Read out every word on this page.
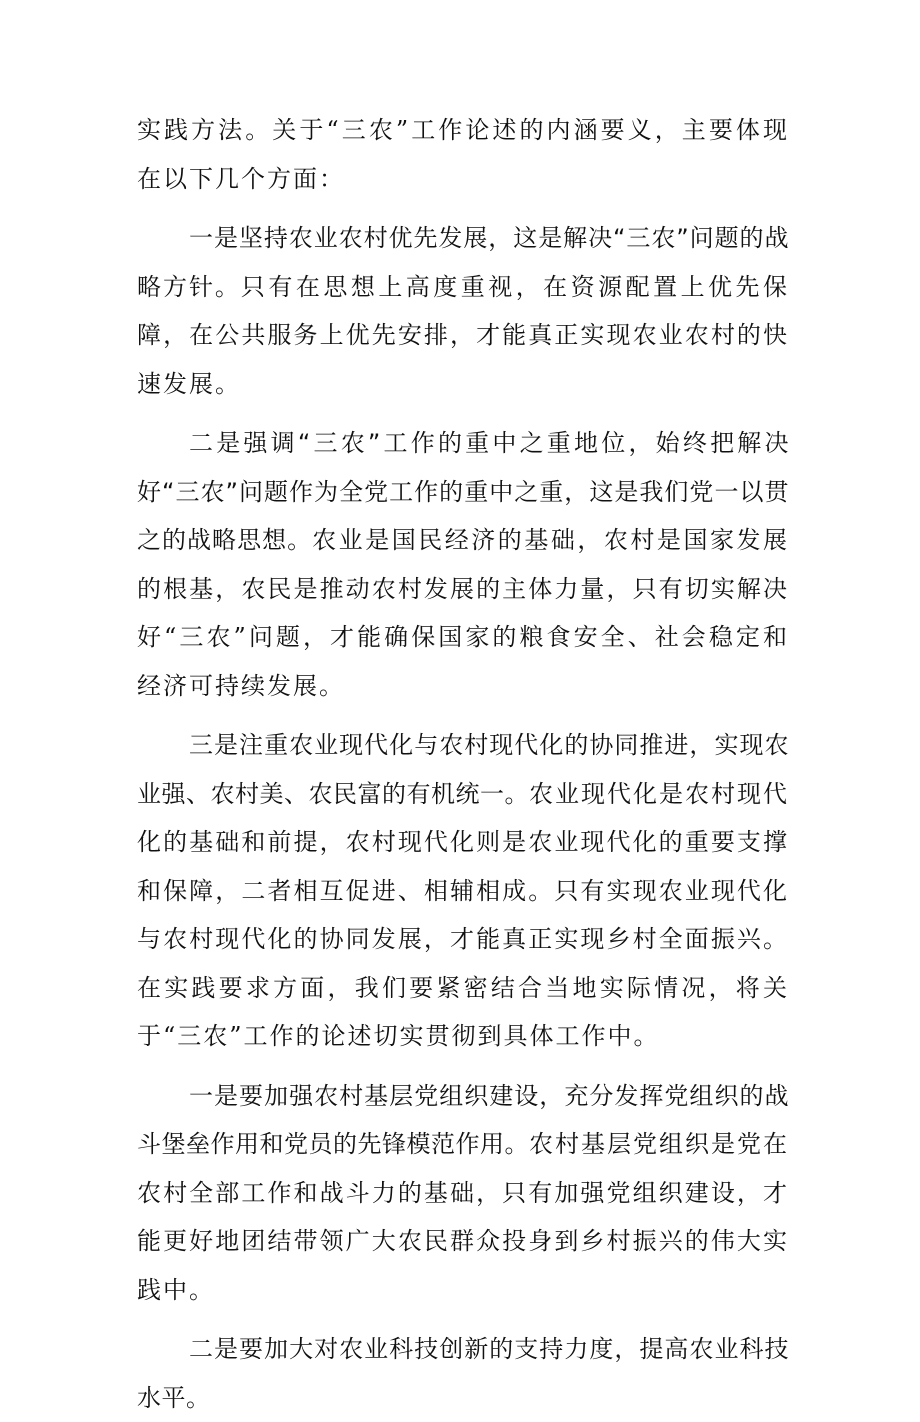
实践方法。关于“三农”工作论述的内涵要义，主要体现在以下几个方面：

一是坚持农业农村优先发展，这是解决“三农”问题的战略方针。只有在思想上高度重视，在资源配置上优先保障，在公共服务上优先安排，才能真正实现农业农村的快速发展。

二是强调“三农”工作的重中之重地位，始终把解决好“三农”问题作为全党工作的重中之重，这是我们党一以贯之的战略思想。农业是国民经济的基础，农村是国家发展的根基，农民是推动农村发展的主体力量，只有切实解决好“三农”问题，才能确保国家的粮食安全、社会稳定和经济可持续发展。

三是注重农业现代化与农村现代化的协同推进，实现农业强、农村美、农民富的有机统一。农业现代化是农村现代化的基础和前提，农村现代化则是农业现代化的重要支撑和保障，二者相互促进、相辅相成。只有实现农业现代化与农村现代化的协同发展，才能真正实现乡村全面振兴。在实践要求方面，我们要紧密结合当地实际情况，将关于“三农”工作的论述切实贯彻到具体工作中。

一是要加强农村基层党组织建设，充分发挥党组织的战斗堡垒作用和党员的先锋模范作用。农村基层党组织是党在农村全部工作和战斗力的基础，只有加强党组织建设，才能更好地团结带领广大农民群众投身到乡村振兴的伟大实践中。

二是要加大对农业科技创新的支持力度，提高农业科技水平。
